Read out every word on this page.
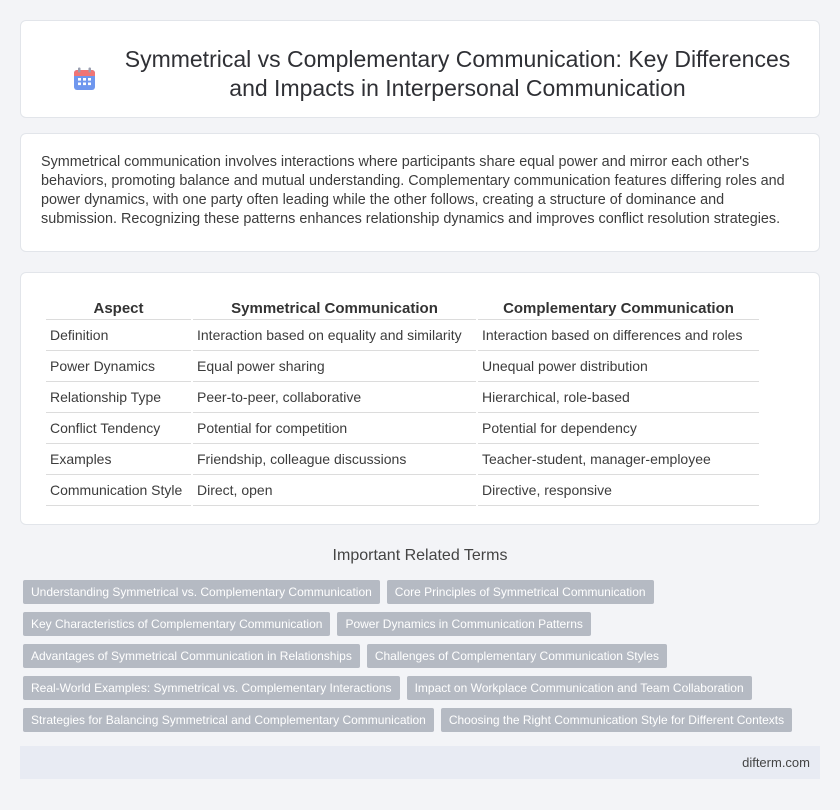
Symmetrical vs Complementary Communication: Key Differences and Impacts in Interpersonal Communication

Symmetrical communication involves interactions where participants share equal power and mirror each other's behaviors, promoting balance and mutual understanding. Complementary communication features differing roles and power dynamics, with one party often leading while the other follows, creating a structure of dominance and submission. Recognizing these patterns enhances relationship dynamics and improves conflict resolution strategies.

Aspect	Symmetrical Communication	Complementary Communication
Definition	Interaction based on equality and similarity	Interaction based on differences and roles
Power Dynamics	Equal power sharing	Unequal power distribution
Relationship Type	Peer-to-peer, collaborative	Hierarchical, role-based
Conflict Tendency	Potential for competition	Potential for dependency
Examples	Friendship, colleague discussions	Teacher-student, manager-employee
Communication Style	Direct, open	Directive, responsive
Important Related Terms
Understanding Symmetrical vs. Complementary Communication	Core Principles of Symmetrical Communication
Key Characteristics of Complementary Communication	Power Dynamics in Communication Patterns
Advantages of Symmetrical Communication in Relationships	Challenges of Complementary Communication Styles
Real-World Examples: Symmetrical vs. Complementary Interactions	Impact on Workplace Communication and Team Collaboration
Strategies for Balancing Symmetrical and Complementary Communication	Choosing the Right Communication Style for Different Contexts
difterm.com
